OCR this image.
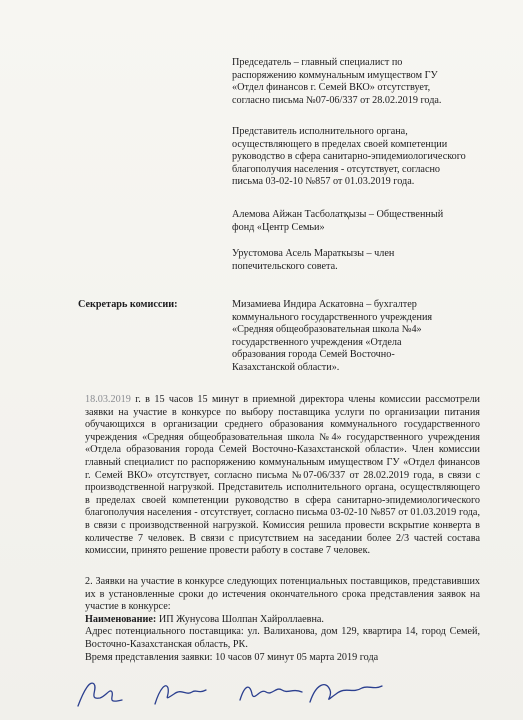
Председатель – главный специалист по

распоряжению коммунальным имуществом ГУ

«Отдел финансов г. Семей ВКО» отсутствует,

согласно письма №07-06/337 от 28.02.2019 года.

Представитель исполнительного органа,

осуществляющего в пределах своей компетенции

руководство в сфера санитарно-эпидемиологического

благополучия населения - отсутствует, согласно

письма 03-02-10 №857 от 01.03.2019 года.

Алемова Айжан Тасболатқызы – Общественный

фонд «Центр Семьи»

Урустомова Асель Мараткызы – член

попечительского совета.

Секретарь комиссии:	Мизамиева Индира Аскатовна – бухгалтер

коммунального государственного учреждения

«Средняя общеобразовательная школа №4»

государственного учреждения «Отдела

образования города Семей Восточно-

Казахстанской области».

18.03.2019 г. в 15 часов 15 минут в приемной директора члены комиссии рассмотрели заявки на участие в конкурсе по выбору поставщика услуги по организации питания обучающихся в организации среднего образования коммунального государственного учреждения «Средняя общеобразовательная школа №4» государственного учреждения «Отдела образования города Семей Восточно-Казахстанской области». Член комиссии главный специалист по распоряжению коммунальным имуществом ГУ «Отдел финансов г. Семей ВКО» отсутствует, согласно письма №07-06/337 от 28.02.2019 года, в связи с производственной нагрузкой. Представитель исполнительного органа, осуществляющего в пределах своей компетенции руководство в сфера санитарно-эпидемиологического благополучия населения - отсутствует, согласно письма 03-02-10 №857 от 01.03.2019 года, в связи с производственной нагрузкой. Комиссия решила провести вскрытие конверта в количестве 7 человек. В связи с присутствием на заседании более 2/3 частей состава комиссии, принято решение провести работу в составе 7 человек.
2. Заявки на участие в конкурсе следующих потенциальных поставщиков, представивших их в установленные сроки до истечения окончательного срока представления заявок на участие в конкурсе:
Наименование: ИП Жунусова Шолпан Хайроллаевна.
Адрес потенциального поставщика: ул. Валиханова, дом 129, квартира 14, город Семей, Восточно-Казахстанская область, РК.
Время представления заявки: 10 часов 07 минут 05 марта 2019 года
